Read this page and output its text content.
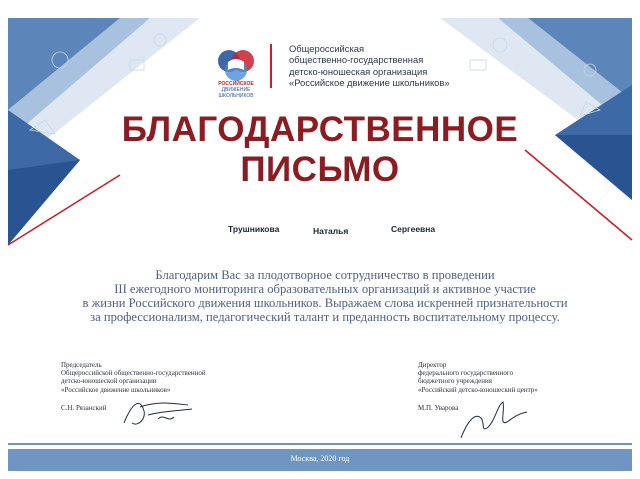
РОССИЙСКОЕ
ДВИЖЕНИЕ ШКОЛЬНИКОВ
Общероссийская
общественно-государственная
детско-юношеская организация
«Российское движение школьников»
БЛАГОДАРСТВЕННОЕ
ПИСЬМО
Трушникова	Наталья	Сергеевна
Благодарим Вас за плодотворное сотрудничество в проведении
III ежегодного мониторинга образовательных организаций и активное участие
в жизни Российского движения школьников. Выражаем слова искренней признательности
за профессионализм, педагогический талант и преданность воспитательному процессу.
Председатель
Общероссийской общественно-государственной
детско-юношеской организации
«Российское движение школьников»
С.Н. Рязанский
Директор
федерального государственного
бюджетного учреждения
«Российский детско-юношеский центр»
М.П. Уварова
Москва, 2020 год
